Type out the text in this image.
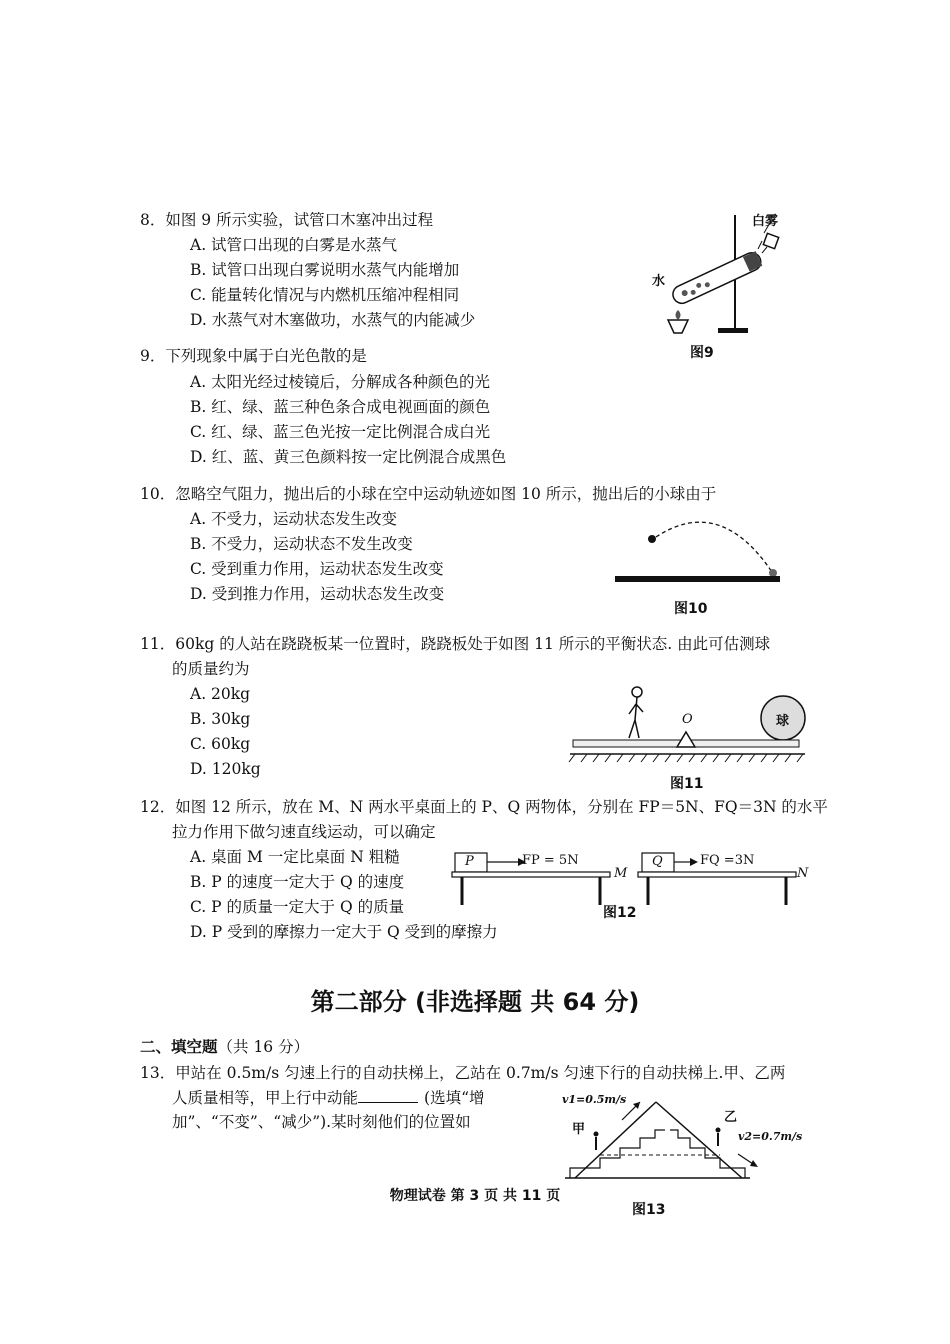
8．如图 9 所示实验，试管口木塞冲出过程
A. 试管口出现的白雾是水蒸气
B. 试管口出现白雾说明水蒸气内能增加
C. 能量转化情况与内燃机压缩冲程相同
D. 水蒸气对木塞做功，水蒸气的内能减少
白雾
水
图9
9．下列现象中属于白光色散的是
A. 太阳光经过棱镜后，分解成各种颜色的光
B. 红、绿、蓝三种色条合成电视画面的颜色
C. 红、绿、蓝三色光按一定比例混合成白光
D. 红、蓝、黄三色颜料按一定比例混合成黑色
10．忽略空气阻力，抛出后的小球在空中运动轨迹如图 10 所示，抛出后的小球由于
A. 不受力，运动状态发生改变
B. 不受力，运动状态不发生改变
C. 受到重力作用，运动状态发生改变
D. 受到推力作用，运动状态发生改变
图10
11．60kg 的人站在跷跷板某一位置时，跷跷板处于如图 11 所示的平衡状态. 由此可估测球
的质量约为
A. 20kg
B. 30kg
C. 60kg
D. 120kg
O	球
图11
12．如图 12 所示，放在 M、N 两水平桌面上的 P、Q 两物体，分别在 FP＝5N、FQ＝3N 的水平
拉力作用下做匀速直线运动，可以确定
A. 桌面 M 一定比桌面 N 粗糙
B. P 的速度一定大于 Q 的速度
C. P 的质量一定大于 Q 的质量
D. P 受到的摩擦力一定大于 Q 受到的摩擦力
P	Q
FP = 5N	FQ =3N
M	N
图12
第二部分 (非选择题 共 64 分)
二、填空题（共 16 分）
13．甲站在 0.5m/s 匀速上行的自动扶梯上，乙站在 0.7m/s 匀速下行的自动扶梯上.甲、乙两
人质量相等，甲上行中动能	(选填“增
加”、“不变”、“减少”).某时刻他们的位置如
v1=0.5m/s
v2=0.7m/s
甲
乙
物理试卷 第 3 页 共 11 页
图13
